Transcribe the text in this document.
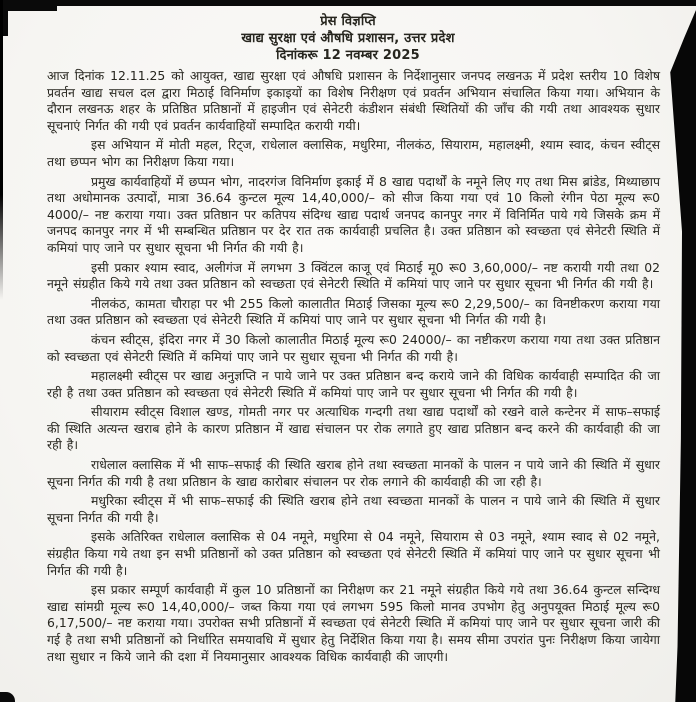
प्रेस विज्ञप्ति
खाद्य सुरक्षा एवं औषधि प्रशासन, उत्तर प्रदेश
दिनांकरू 12 नवम्बर 2025

आज दिनांक 12.11.25 को आयुक्त, खाद्य सुरक्षा एवं औषधि प्रशासन के निर्देशानुसार जनपद लखनऊ में प्रदेश स्तरीय 10 विशेष प्रवर्तन खाद्य सचल दल द्वारा मिठाई विनिर्माण इकाइयों का विशेष निरीक्षण एवं प्रवर्तन अभियान संचालित किया गया। अभियान के दौरान लखनऊ शहर के प्रतिष्ठित प्रतिष्ठानों में हाइजीन एवं सेनेटरी कंडीशन संबंधी स्थितियों की जाँच की गयी तथा आवश्यक सुधार सूचनाएं निर्गत की गयी एवं प्रवर्तन कार्यवाहियों सम्पादित करायी गयी।

इस अभियान में मोती महल, रिट्ज, राधेलाल क्लासिक, मधुरिमा, नीलकंठ, सियाराम, महालक्ष्मी, श्याम स्वाद, कंचन स्वीट्स तथा छप्पन भोग का निरीक्षण किया गया।

प्रमुख कार्यवाहियों में छप्पन भोग, नादरगंज विनिर्माण इकाई में 8 खाद्य पदार्थों के नमूने लिए गए तथा मिस ब्रांडेड, मिथ्याछाप तथा अधोमानक उत्पादों, मात्रा 36.64 कुन्टल मूल्य 14,40,000/– को सीज किया गया एवं 10 किलो रंगीन पेठा मूल्य रू0 4000/– नष्ट कराया गया। उक्त प्रतिष्ठान पर कतिपय संदिग्ध खाद्य पदार्थ जनपद कानपुर नगर में विनिर्मित पाये गये जिसके क्रम में जनपद कानपुर नगर में भी सम्बन्धित प्रतिष्ठान पर देर रात तक कार्यवाही प्रचलित है। उक्त प्रतिष्ठान को स्वच्छता एवं सेनेटरी स्थिति में कमियां पाए जाने पर सुधार सूचना भी निर्गत की गयी है।

इसी प्रकार श्याम स्वाद, अलीगंज में लगभग 3 क्विंटल काजू एवं मिठाई मू0 रू0 3,60,000/– नष्ट करायी गयी तथा 02 नमूने संग्रहीत किये गये तथा उक्त प्रतिष्ठान को स्वच्छता एवं सेनेटरी स्थिति में कमियां पाए जाने पर सुधार सूचना भी निर्गत की गयी है।

नीलकंठ, कामता चौराहा पर भी 255 किलो कालातीत मिठाई जिसका मूल्य रू0 2,29,500/– का विनष्टीकरण कराया गया तथा उक्त प्रतिष्ठान को स्वच्छता एवं सेनेटरी स्थिति में कमियां पाए जाने पर सुधार सूचना भी निर्गत की गयी है।

कंचन स्वीट्स, इंदिरा नगर में 30 किलो कालातीत मिठाई मूल्य रू0 24000/– का नष्टीकरण कराया गया तथा उक्त प्रतिष्ठान को स्वच्छता एवं सेनेटरी स्थिति में कमियां पाए जाने पर सुधार सूचना भी निर्गत की गयी है।

महालक्ष्मी स्वीट्स पर खाद्य अनुज्ञप्ति न पाये जाने पर उक्त प्रतिष्ठान बन्द कराये जाने की विधिक कार्यवाही सम्पादित की जा रही है तथा उक्त प्रतिष्ठान को स्वच्छता एवं सेनेटरी स्थिति में कमियां पाए जाने पर सुधार सूचना भी निर्गत की गयी है।

सीयाराम स्वीट्स विशाल खण्ड, गोमती नगर पर अत्याधिक गन्दगी तथा खाद्य पदार्थों को रखने वाले कन्टेनर में साफ–सफाई की स्थिति अत्यन्त खराब होने के कारण प्रतिष्ठान में खाद्य संचालन पर रोक लगाते हुए खाद्य प्रतिष्ठान बन्द करने की कार्यवाही की जा रही है।

राधेलाल क्लासिक में भी साफ–सफाई की स्थिति खराब होने तथा स्वच्छता मानकों के पालन न पाये जाने की स्थिति में सुधार सूचना निर्गत की गयी है तथा प्रतिष्ठान के खाद्य कारोबार संचालन पर रोक लगाने की कार्यवाही की जा रही है।

मधुरिका स्वीट्स में भी साफ–सफाई की स्थिति खराब होने तथा स्वच्छता मानकों के पालन न पाये जाने की स्थिति में सुधार सूचना निर्गत की गयी है।

इसके अतिरिक्त राधेलाल क्लासिक से 04 नमूने, मधुरिमा से 04 नमूने, सियाराम से 03 नमूने, श्याम स्वाद से 02 नमूने, संग्रहीत किया गये तथा इन सभी प्रतिष्ठानों को उक्त प्रतिष्ठान को स्वच्छता एवं सेनेटरी स्थिति में कमियां पाए जाने पर सुधार सूचना भी निर्गत की गयी है।

इस प्रकार सम्पूर्ण कार्यवाही में कुल 10 प्रतिष्ठानों का निरीक्षण कर 21 नमूने संग्रहीत किये गये तथा 36.64 कुन्टल सन्दिग्ध खाद्य सांमग्री मूल्य रू0 14,40,000/– जब्त किया गया एवं लगभग 595 किलो मानव उपभोग हेतु अनुपयूक्त मिठाई मूल्य रू0 6,17,500/– नष्ट कराया गया। उपरोक्त सभी प्रतिष्ठानों में स्वच्छता एवं सेनेटरी स्थिति में कमियां पाए जाने पर सुधार सूचना जारी की गई है तथा सभी प्रतिष्ठानों को निर्धारित समयावधि में सुधार हेतु निर्देशित किया गया है। समय सीमा उपरांत पुनः निरीक्षण किया जायेगा तथा सुधार न किये जाने की दशा में नियमानुसार आवश्यक विधिक कार्यवाही की जाएगी।
